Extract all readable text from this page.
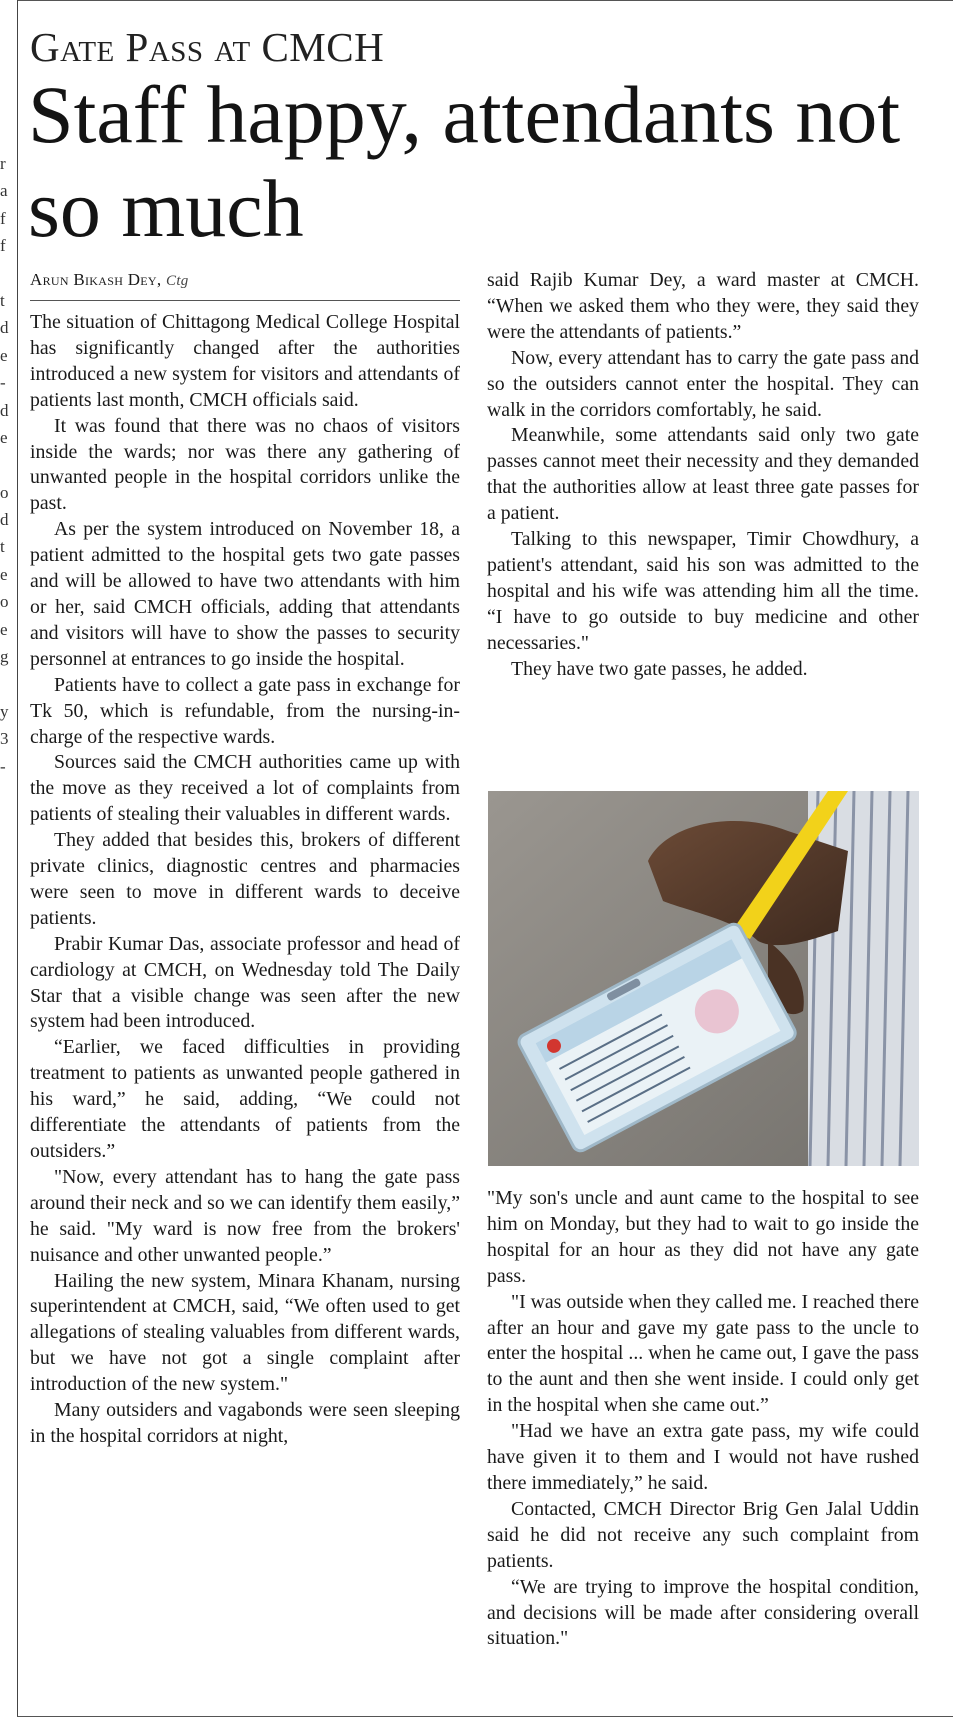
r
a
f
f
t
d
e
-
d
e
o
d
t
e
o
e
g
y
3
-
Gate Pass at CMCH
Staff happy, attendants not so much
Arun Bikash Dey, Ctg

The situation of Chittagong Medical College Hospital has significantly changed after the authorities introduced a new system for visitors and attendants of patients last month, CMCH officials said.

It was found that there was no chaos of visitors inside the wards; nor was there any gathering of unwanted people in the hospital corridors unlike the past.

As per the system introduced on November 18, a patient admitted to the hospital gets two gate passes and will be allowed to have two attendants with him or her, said CMCH officials, adding that attendants and visitors will have to show the passes to security personnel at entrances to go inside the hospital.

Patients have to collect a gate pass in exchange for Tk 50, which is refundable, from the nursing-in-charge of the respective wards.

Sources said the CMCH authorities came up with the move as they received a lot of complaints from patients of stealing their valuables in different wards.

They added that besides this, brokers of different private clinics, diagnostic centres and pharmacies were seen to move in different wards to deceive patients.

Prabir Kumar Das, associate professor and head of cardiology at CMCH, on Wednesday told The Daily Star that a visible change was seen after the new system had been introduced.

“Earlier, we faced difficulties in providing treatment to patients as unwanted people gathered in his ward,” he said, adding, “We could not differentiate the attendants of patients from the outsiders.”

"Now, every attendant has to hang the gate pass around their neck and so we can identify them easily,” he said. "My ward is now free from the brokers' nuisance and other unwanted people.”

Hailing the new system, Minara Khanam, nursing superintendent at CMCH, said, “We often used to get allegations of stealing valuables from different wards, but we have not got a single complaint after introduction of the new system."

Many outsiders and vagabonds were seen sleeping in the hospital corridors at night,

said Rajib Kumar Dey, a ward master at CMCH. “When we asked them who they were, they said they were the attendants of patients.”

Now, every attendant has to carry the gate pass and so the outsiders cannot enter the hospital. They can walk in the corridors comfortably, he said.

Meanwhile, some attendants said only two gate passes cannot meet their necessity and they demanded that the authorities allow at least three gate passes for a patient.

Talking to this newspaper, Timir Chowdhury, a patient's attendant, said his son was admitted to the hospital and his wife was attending him all the time. “I have to go outside to buy medicine and other necessaries."

They have two gate passes, he added.

"My son's uncle and aunt came to the hospital to see him on Monday, but they had to wait to go inside the hospital for an hour as they did not have any gate pass.

"I was outside when they called me. I reached there after an hour and gave my gate pass to the uncle to enter the hospital ... when he came out, I gave the pass to the aunt and then she went inside. I could only get in the hospital when she came out.”

"Had we have an extra gate pass, my wife could have given it to them and I would not have rushed there immediately,” he said.

Contacted, CMCH Director Brig Gen Jalal Uddin said he did not receive any such complaint from patients.

“We are trying to improve the hospital condition, and decisions will be made after considering overall situation."
